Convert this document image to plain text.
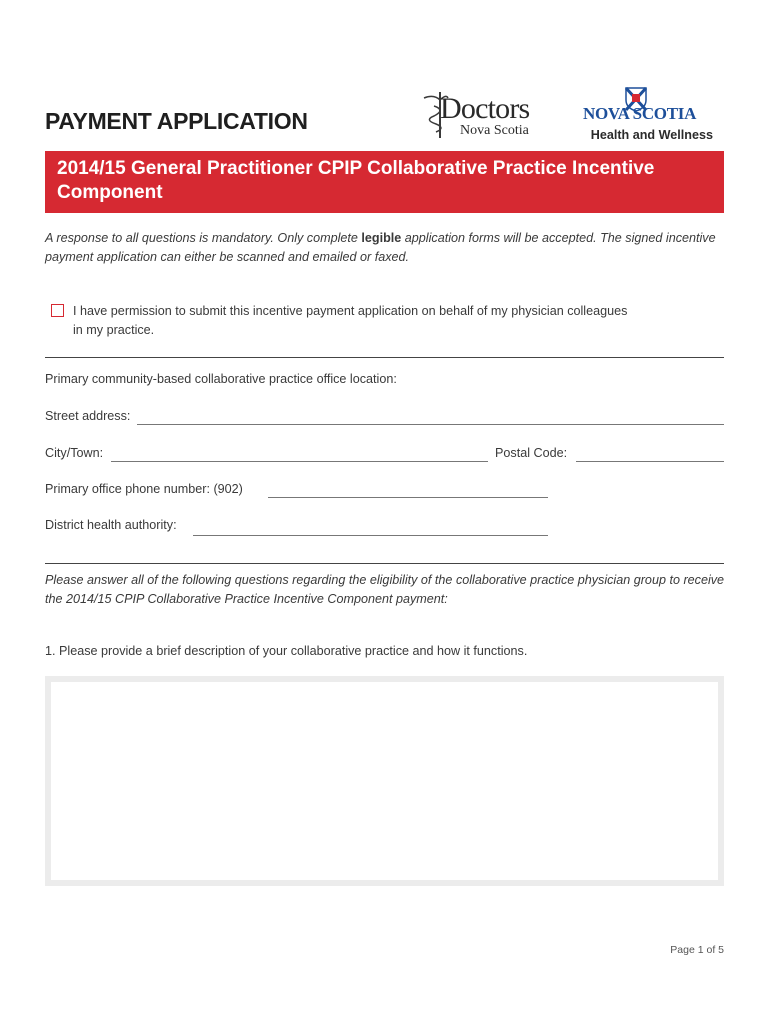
PAYMENT APPLICATION	Doctors
Nova Scotia
NOVA SCOTIA
Health and Wellness
2014/15 General Practitioner CPIP Collaborative Practice Incentive Component
A response to all questions is mandatory. Only complete legible application forms will be accepted. The signed incentive payment application can either be scanned and emailed or faxed.
I have permission to submit this incentive payment application on behalf of my physician colleagues in my practice.
Primary community-based collaborative practice office location:
Street address:
City/Town:	Postal Code:
Primary office phone number: (902)
District health authority:
Please answer all of the following questions regarding the eligibility of the collaborative practice physician group to receive the 2014/15 CPIP Collaborative Practice Incentive Component payment:
1. Please provide a brief description of your collaborative practice and how it functions.
Page 1 of 5
